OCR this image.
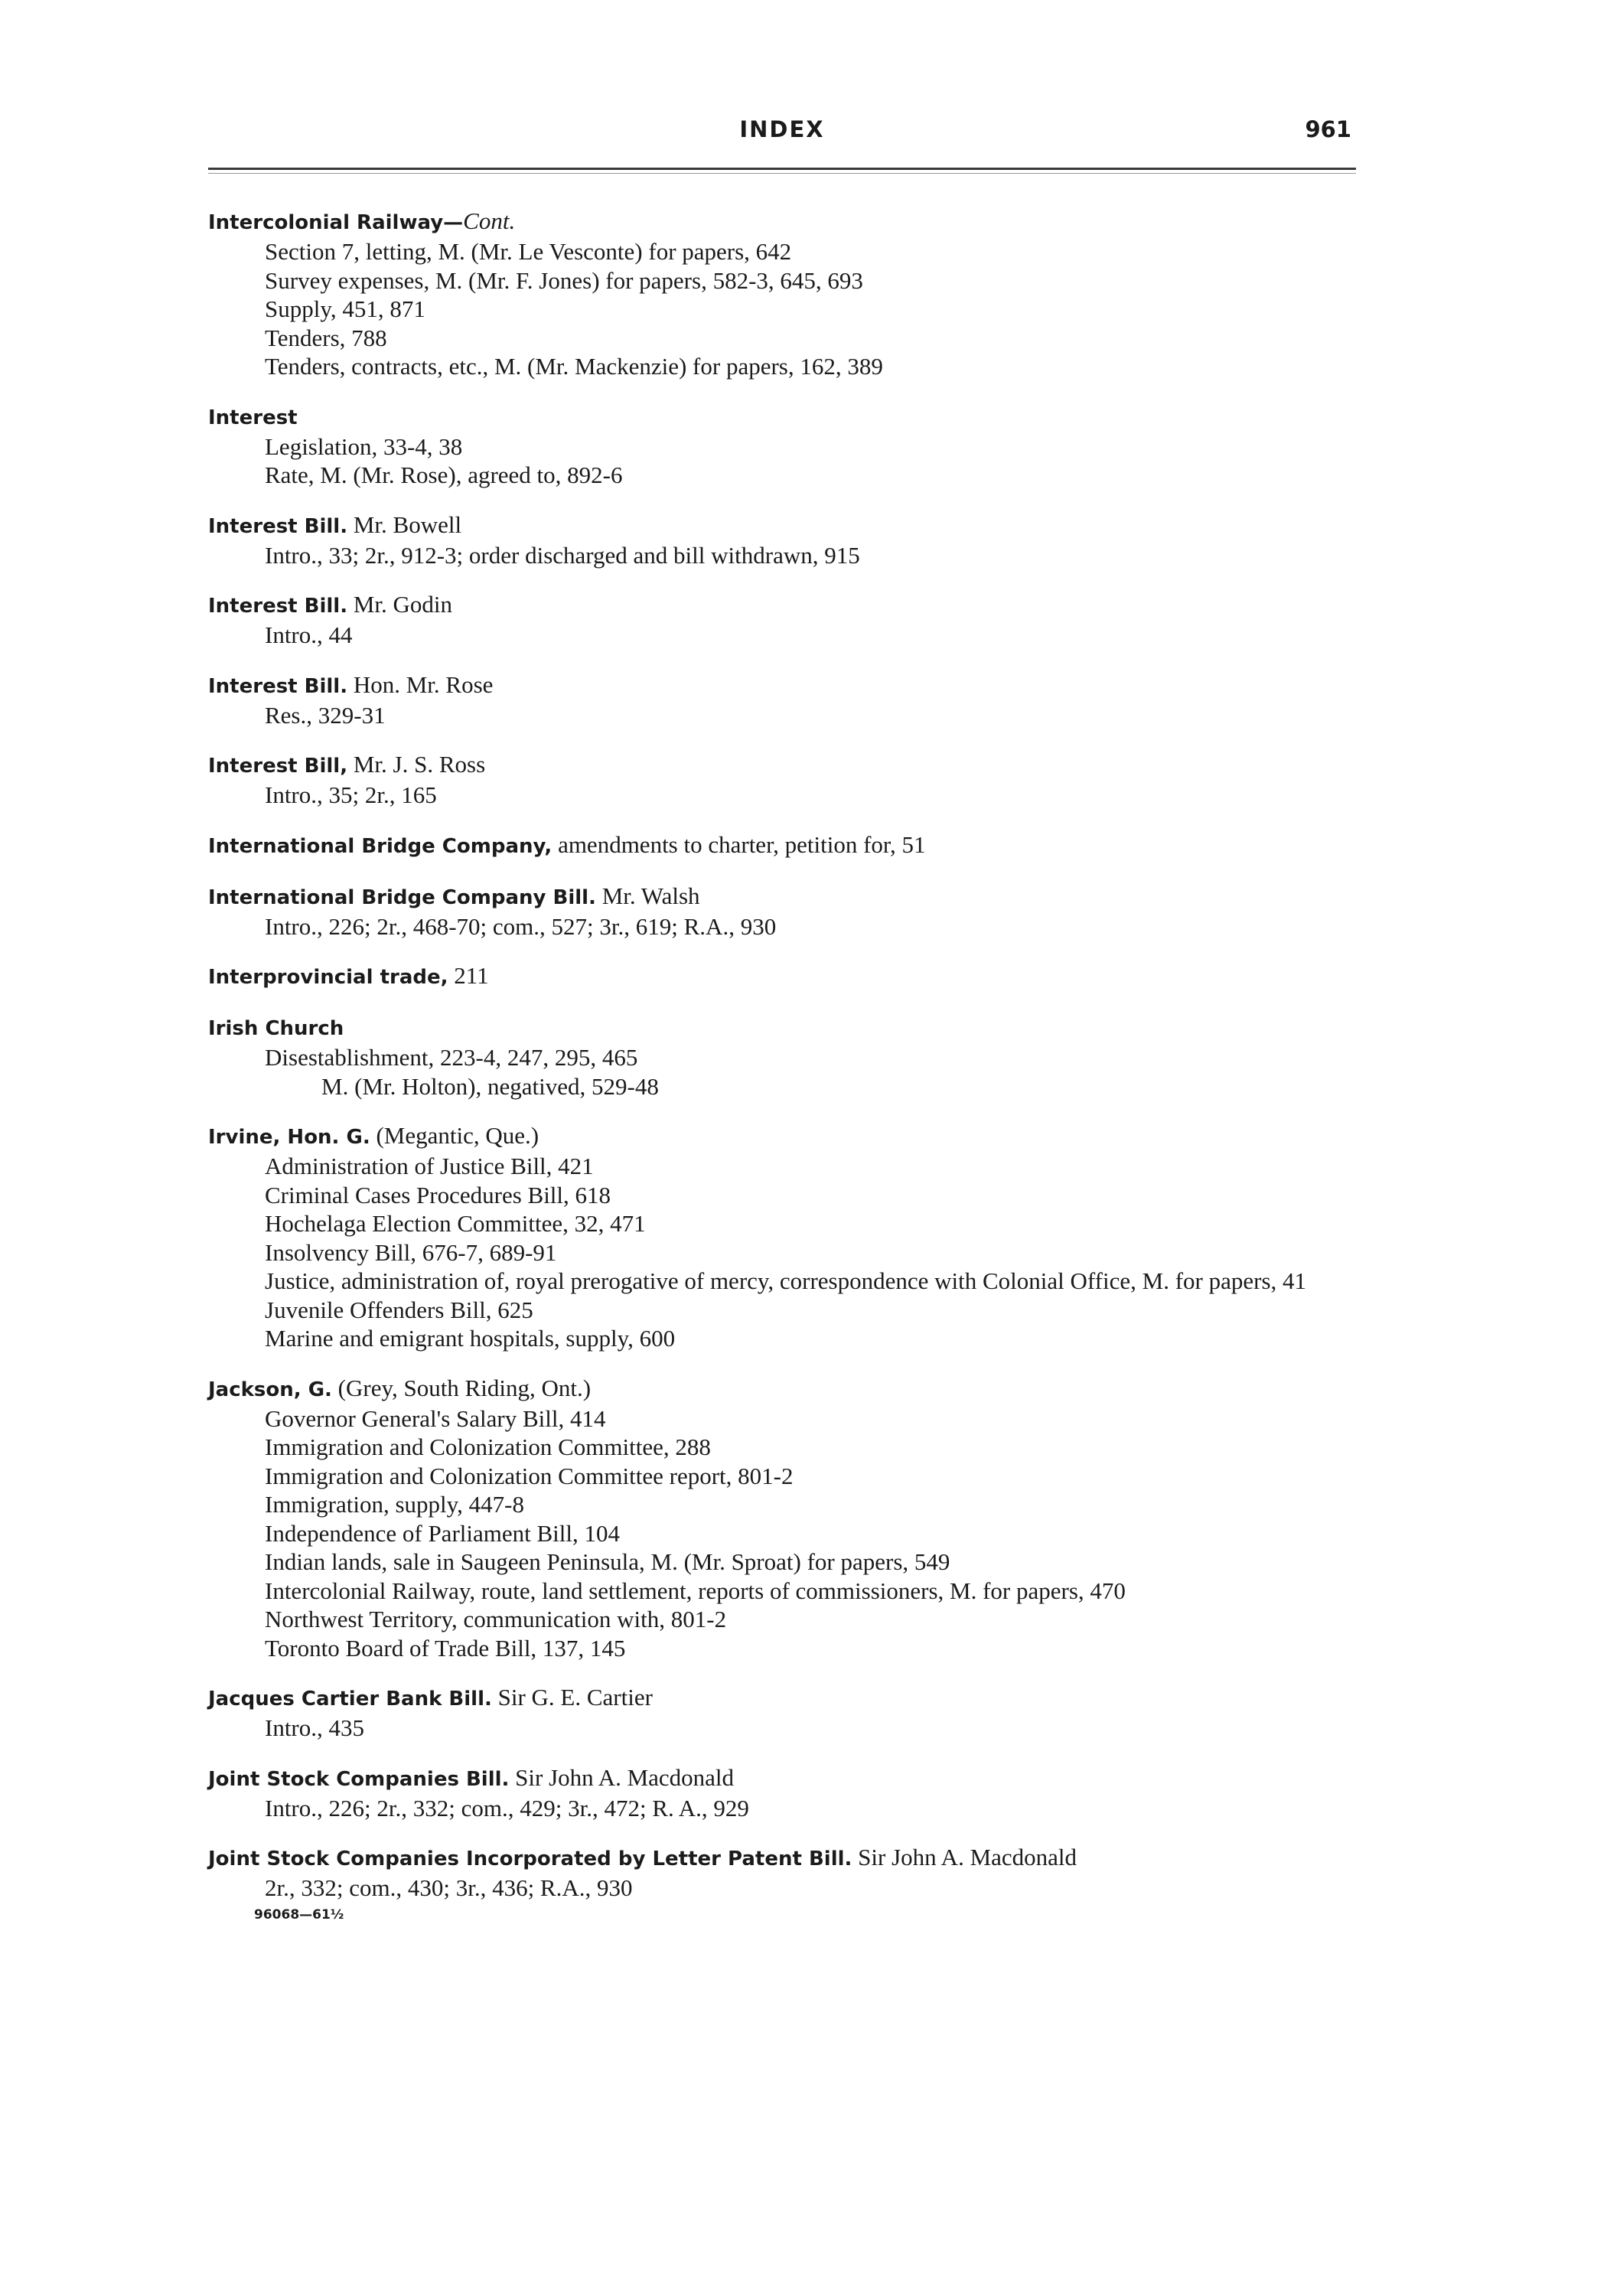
INDEX	961
Intercolonial Railway—Cont.
Section 7, letting, M. (Mr. Le Vesconte) for papers, 642
Survey expenses, M. (Mr. F. Jones) for papers, 582-3, 645, 693
Supply, 451, 871
Tenders, 788
Tenders, contracts, etc., M. (Mr. Mackenzie) for papers, 162, 389
Interest
Legislation, 33-4, 38
Rate, M. (Mr. Rose), agreed to, 892-6
Interest Bill. Mr. Bowell
Intro., 33; 2r., 912-3; order discharged and bill withdrawn, 915
Interest Bill. Mr. Godin
Intro., 44
Interest Bill. Hon. Mr. Rose
Res., 329-31
Interest Bill, Mr. J. S. Ross
Intro., 35; 2r., 165
International Bridge Company, amendments to charter, petition for, 51
International Bridge Company Bill. Mr. Walsh
Intro., 226; 2r., 468-70; com., 527; 3r., 619; R.A., 930
Interprovincial trade, 211
Irish Church
Disestablishment, 223-4, 247, 295, 465
M. (Mr. Holton), negatived, 529-48
Irvine, Hon. G. (Megantic, Que.)
Administration of Justice Bill, 421
Criminal Cases Procedures Bill, 618
Hochelaga Election Committee, 32, 471
Insolvency Bill, 676-7, 689-91
Justice, administration of, royal prerogative of mercy, correspondence with Colonial Office, M. for papers, 41
Juvenile Offenders Bill, 625
Marine and emigrant hospitals, supply, 600
Jackson, G. (Grey, South Riding, Ont.)
Governor General's Salary Bill, 414
Immigration and Colonization Committee, 288
Immigration and Colonization Committee report, 801-2
Immigration, supply, 447-8
Independence of Parliament Bill, 104
Indian lands, sale in Saugeen Peninsula, M. (Mr. Sproat) for papers, 549
Intercolonial Railway, route, land settlement, reports of commissioners, M. for papers, 470
Northwest Territory, communication with, 801-2
Toronto Board of Trade Bill, 137, 145
Jacques Cartier Bank Bill. Sir G. E. Cartier
Intro., 435
Joint Stock Companies Bill. Sir John A. Macdonald
Intro., 226; 2r., 332; com., 429; 3r., 472; R. A., 929
Joint Stock Companies Incorporated by Letter Patent Bill. Sir John A. Macdonald
2r., 332; com., 430; 3r., 436; R.A., 930
96068—61½
